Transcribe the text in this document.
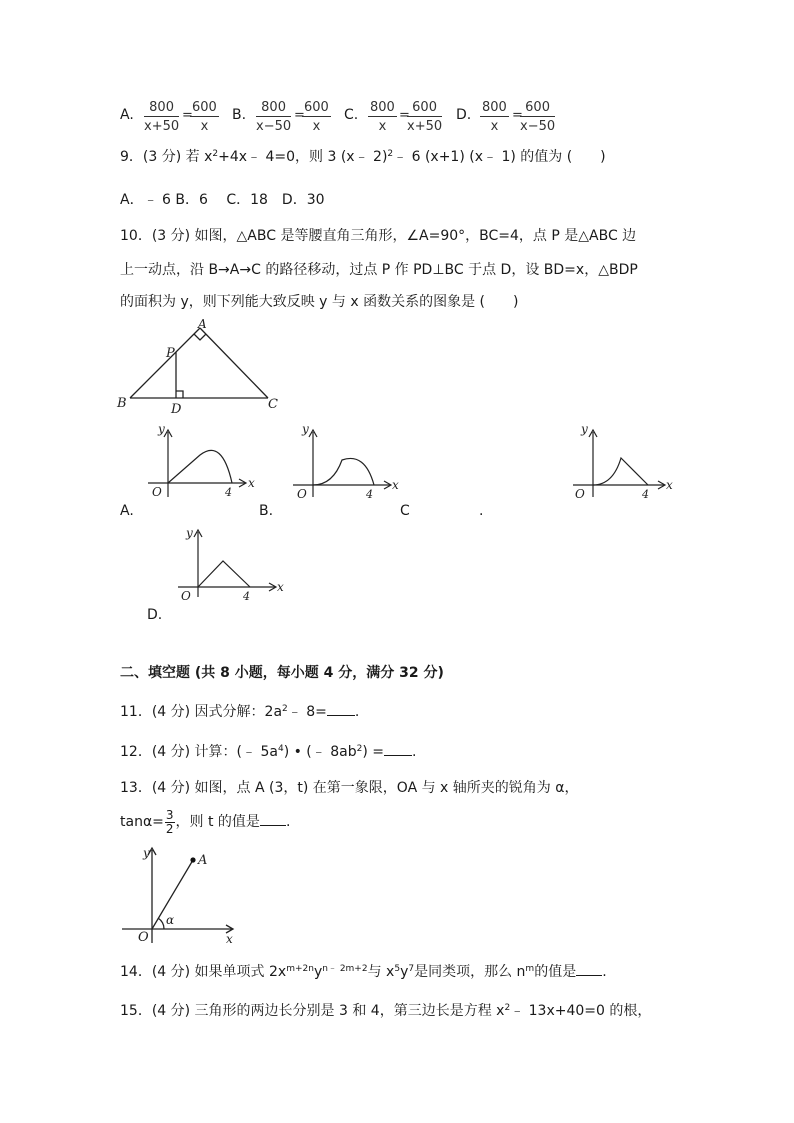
A. $\frac{800}{x+50}$ =
$\frac{600}{x} B$. $\frac{800}{x-50}$ =
$\frac{600}{x} C$. $\frac{800}{x}$ =
$\frac{600}{x+50} D$. $\frac{800}{x}$ =
$\frac{600}{x-50}$
9．(3 分) 若 $x^2+4x﹣$ 4=0，则 3 (x﹣ 2)$^2$﹣ 6 (x+1) (x﹣ 1) 的值为 (　　)
A．﹣ 6 B．6　 C．18　D．30
10．(3 分) 如图，△ABC 是等腰直角三角形，∠A=90°，BC=4，点 P 是△ABC 边
上一动点，沿 B→A→C 的路径移动，过点 P 作 PD⊥BC 于点 D，设 BD=x，△BDP
的面积为 y，则下列能大致反映 y 与 x 函数关系的图象是 (　　)
A
B	C
P
D
y
x
O	4
y
x
O	4
y
x
O	4
y
x
O	4
A.	B.	C	.
D.
二、填空题 (共 8 小题，每小题 4 分，满分 32 分)
11．(4 分) 因式分解：$2a^2﹣$ 8= .
12．(4 分) 计算：(﹣ $5a^4$) • (﹣ $8ab^2$) = .
13．(4 分) 如图，点 A (3，t) 在第一象限，OA 与 x 轴所夹的锐角为 α，
$\tan\alpha= \frac{3}{2}$ ，则 t 的值是 .
y
x
O
A
α
14．(4 分) 如果单项式 $2x^{m+2n}y^{n﹣ 2m+2}$与 $x^5y^7$是同类项，那么 $n^m$的值是 .
15．(4 分) 三角形的两边长分别是 3 和 4，第三边长是方程 $x^2﹣$ 13x+40=0 的根，
